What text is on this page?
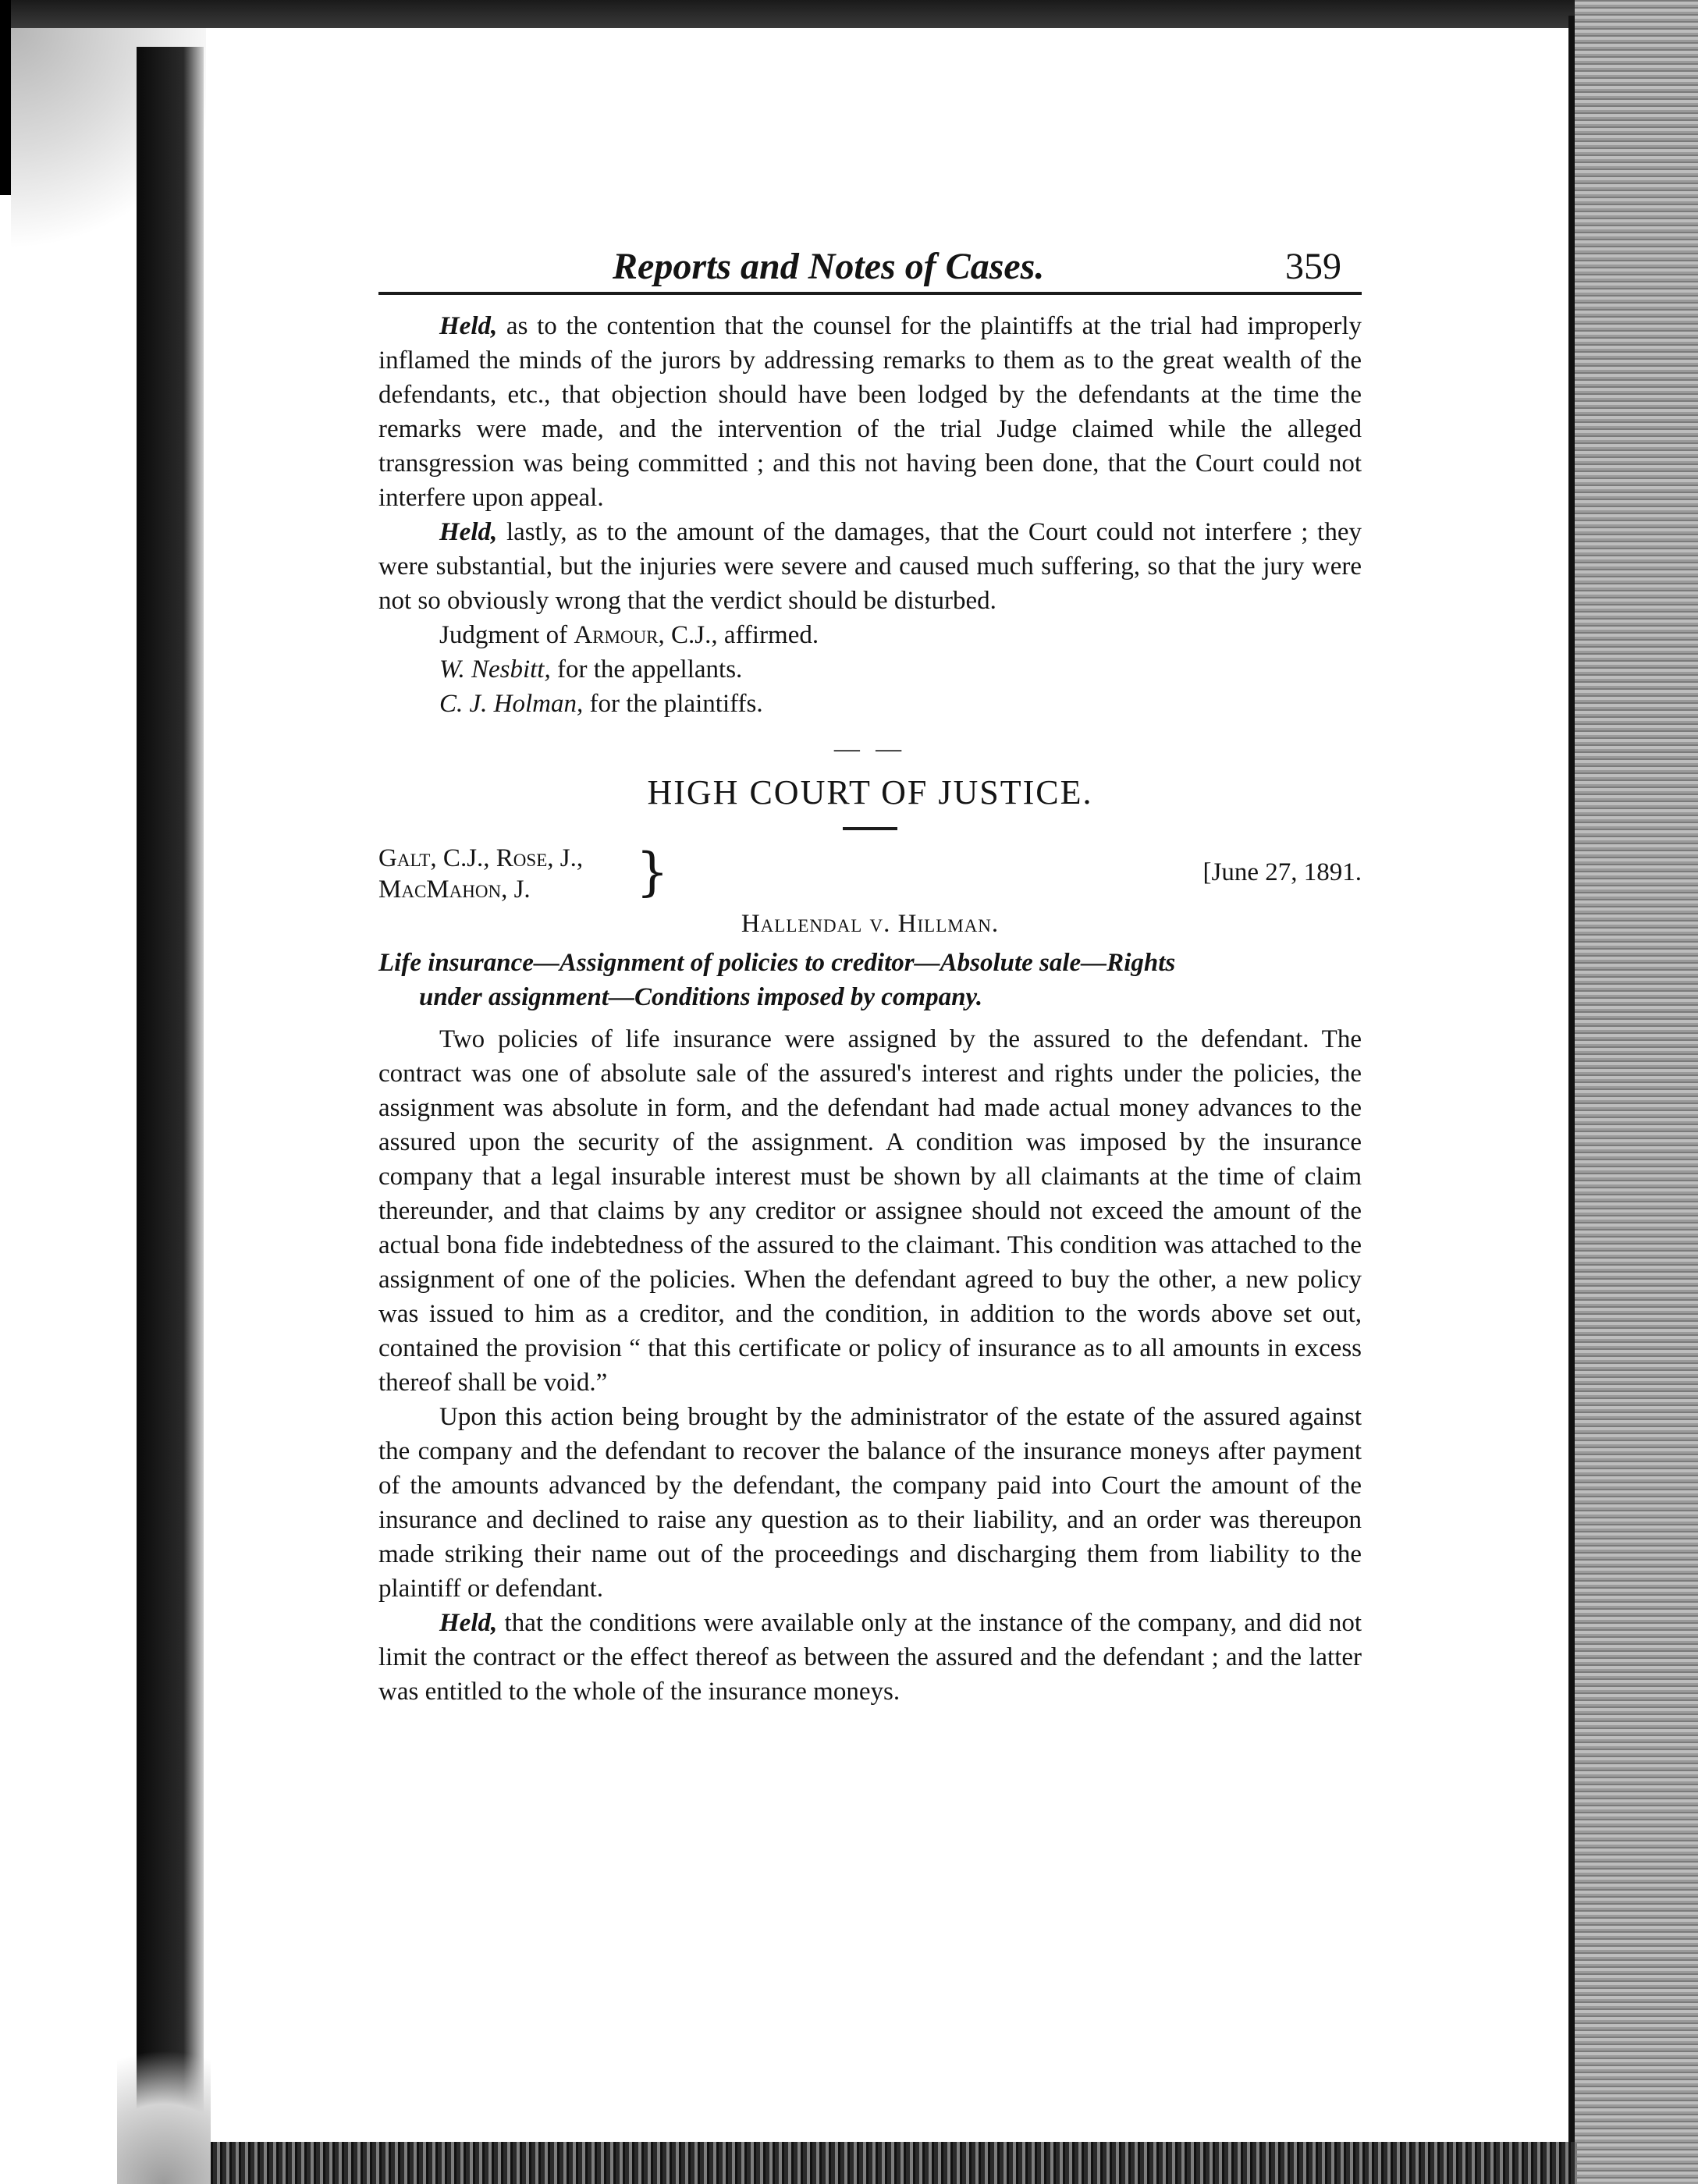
Reports and Notes of Cases.	359

Held, as to the contention that the counsel for the plaintiffs at the trial had improperly inflamed the minds of the jurors by addressing remarks to them as to the great wealth of the defendants, etc., that objection should have been lodged by the defendants at the time the remarks were made, and the intervention of the trial Judge claimed while the alleged transgression was being committed ; and this not having been done, that the Court could not interfere upon appeal.

Held, lastly, as to the amount of the damages, that the Court could not interfere ; they were substantial, but the injuries were severe and caused much suffering, so that the jury were not so obviously wrong that the verdict should be disturbed.

Judgment of Armour, C.J., affirmed.

W. Nesbitt, for the appellants.

C. J. Holman, for the plaintiffs.

— —
HIGH COURT OF JUSTICE.
Galt, C.J., Rose, J.,
MacMahon, J.	}	[June 27, 1891.
Hallendal v. Hillman.
Life insurance—Assignment of policies to creditor—Absolute sale—Rights
under assignment—Conditions imposed by company.

Two policies of life insurance were assigned by the assured to the defendant. The contract was one of absolute sale of the assured's interest and rights under the policies, the assignment was absolute in form, and the defendant had made actual money advances to the assured upon the security of the assignment. A condition was imposed by the insurance company that a legal insurable interest must be shown by all claimants at the time of claim thereunder, and that claims by any creditor or assignee should not exceed the amount of the actual bona fide indebtedness of the assured to the claimant. This condition was attached to the assignment of one of the policies. When the defendant agreed to buy the other, a new policy was issued to him as a creditor, and the condition, in addition to the words above set out, contained the provision “ that this certificate or policy of insurance as to all amounts in excess thereof shall be void.”

Upon this action being brought by the administrator of the estate of the assured against the company and the defendant to recover the balance of the insurance moneys after payment of the amounts advanced by the defendant, the company paid into Court the amount of the insurance and declined to raise any question as to their liability, and an order was thereupon made striking their name out of the proceedings and discharging them from liability to the plaintiff or defendant.

Held, that the conditions were available only at the instance of the company, and did not limit the contract or the effect thereof as between the assured and the defendant ; and the latter was entitled to the whole of the insurance moneys.
